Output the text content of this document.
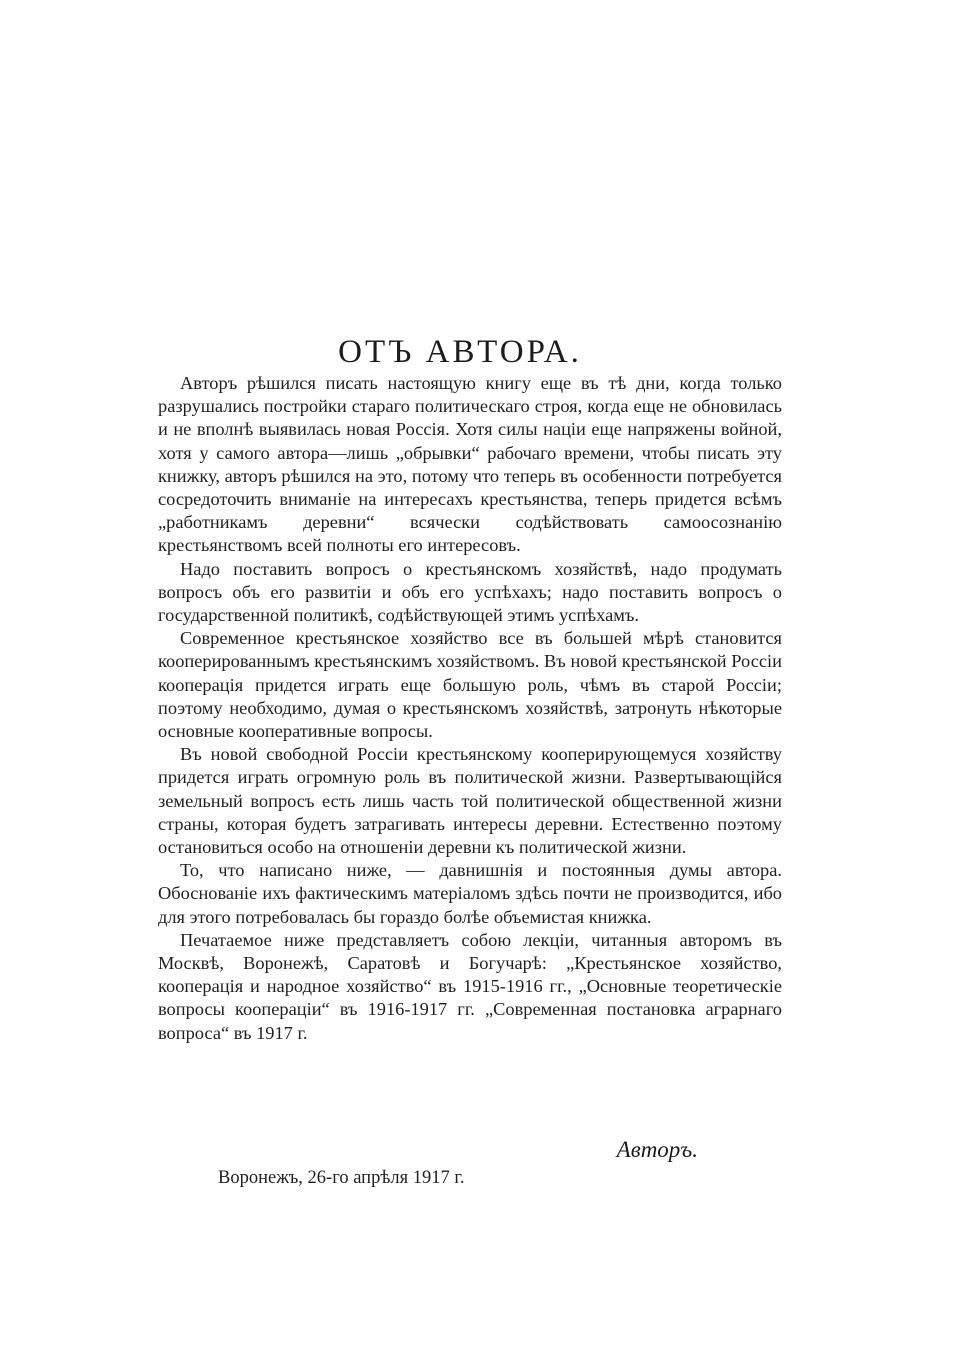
ОТЪ АВТОРА.

Авторъ рѣшился писать настоящую книгу еще въ тѣ дни, когда только разрушались постройки стараго политическаго строя, когда еще не обновилась и не вполнѣ выявилась новая Россія. Хотя силы націи еще напряжены войной, хотя у самого автора—лишь „обрывки“ рабочаго времени, чтобы писать эту книжку, авторъ рѣшился на это, потому что теперь въ особенности потребуется сосредоточить вниманіе на интересахъ крестьянства, теперь придется всѣмъ „работникамъ деревни“ всячески содѣйствовать самоосознанію крестьянствомъ всей полноты его интересовъ.

Надо поставить вопросъ о крестьянскомъ хозяйствѣ, надо продумать вопросъ объ его развитіи и объ его успѣхахъ; надо поставить вопросъ о государственной политикѣ, содѣйствующей этимъ успѣхамъ.

Современное крестьянское хозяйство все въ большей мѣрѣ становится кооперированнымъ крестьянскимъ хозяйствомъ. Въ новой крестьянской Россіи кооперація придется играть еще большую роль, чѣмъ въ старой Россіи; поэтому необходимо, думая о крестьянскомъ хозяйствѣ, затронуть нѣкоторые основные кооперативные вопросы.

Въ новой свободной Россіи крестьянскому кооперирующемуся хозяйству придется играть огромную роль въ политической жизни. Развертывающійся земельный вопросъ есть лишь часть той политической общественной жизни страны, которая будетъ затрагивать интересы деревни. Естественно поэтому остановиться особо на отношеніи деревни къ политической жизни.

То, что написано ниже, — давнишнія и постоянныя думы автора. Обоснованіе ихъ фактическимъ матеріаломъ здѣсь почти не производится, ибо для этого потребовалась бы гораздо болѣе объемистая книжка.

Печатаемое ниже представляетъ собою лекціи, читанныя авторомъ въ Москвѣ, Воронежѣ, Саратовѣ и Богучарѣ: „Крестьянское хозяйство, кооперація и народное хозяйство“ въ 1915-1916 гг., „Основные теоретическіе вопросы коопераціи“ въ 1916-1917 гг. „Современная постановка аграрнаго вопроса“ въ 1917 г.

Авторъ.
Воронежъ, 26-го апрѣля 1917 г.
